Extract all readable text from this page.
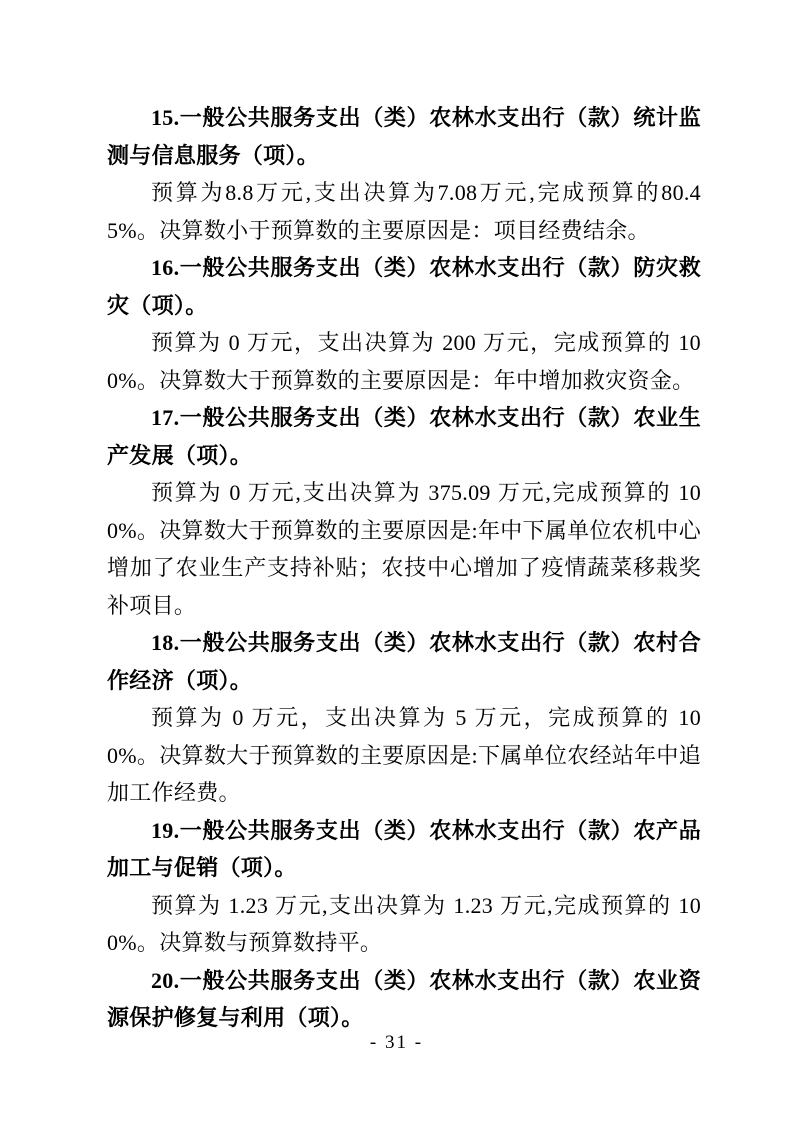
15.一般公共服务支出（类）农林水支出行（款）统计监测与信息服务（项）。

预算为8.8万元,支出决算为7.08万元,完成预算的80.45%。决算数小于预算数的主要原因是：项目经费结余。

16.一般公共服务支出（类）农林水支出行（款）防灾救灾（项）。

预算为 0 万元，支出决算为 200 万元，完成预算的 100%。决算数大于预算数的主要原因是：年中增加救灾资金。

17.一般公共服务支出（类）农林水支出行（款）农业生产发展（项）。

预算为 0 万元,支出决算为 375.09 万元,完成预算的 100%。决算数大于预算数的主要原因是:年中下属单位农机中心增加了农业生产支持补贴；农技中心增加了疫情蔬菜移栽奖补项目。

18.一般公共服务支出（类）农林水支出行（款）农村合作经济（项）。

预算为 0 万元，支出决算为 5 万元，完成预算的 100%。决算数大于预算数的主要原因是:下属单位农经站年中追加工作经费。

19.一般公共服务支出（类）农林水支出行（款）农产品加工与促销（项）。

预算为 1.23 万元,支出决算为 1.23 万元,完成预算的 100%。决算数与预算数持平。

20.一般公共服务支出（类）农林水支出行（款）农业资源保护修复与利用（项）。

- 31 -
